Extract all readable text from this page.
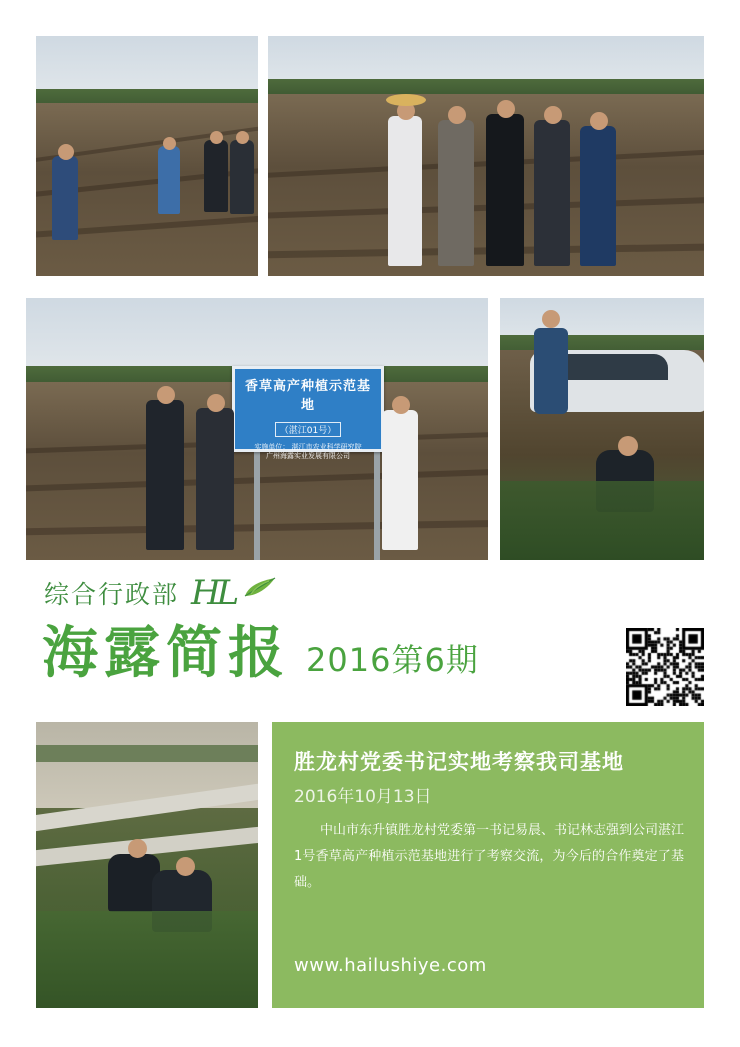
香草高产种植示范基地
（湛江01号）
实施单位： 湛江市农业科学研究院
广州海露实业发展有限公司
综合行政部 HL
海露简报 2016第6期
胜龙村党委书记实地考察我司基地
2016年10月13日
中山市东升镇胜龙村党委第一书记易晨、书记林志强到公司湛江1号香草高产种植示范基地进行了考察交流，为今后的合作奠定了基础。
www.hailushiye.com
